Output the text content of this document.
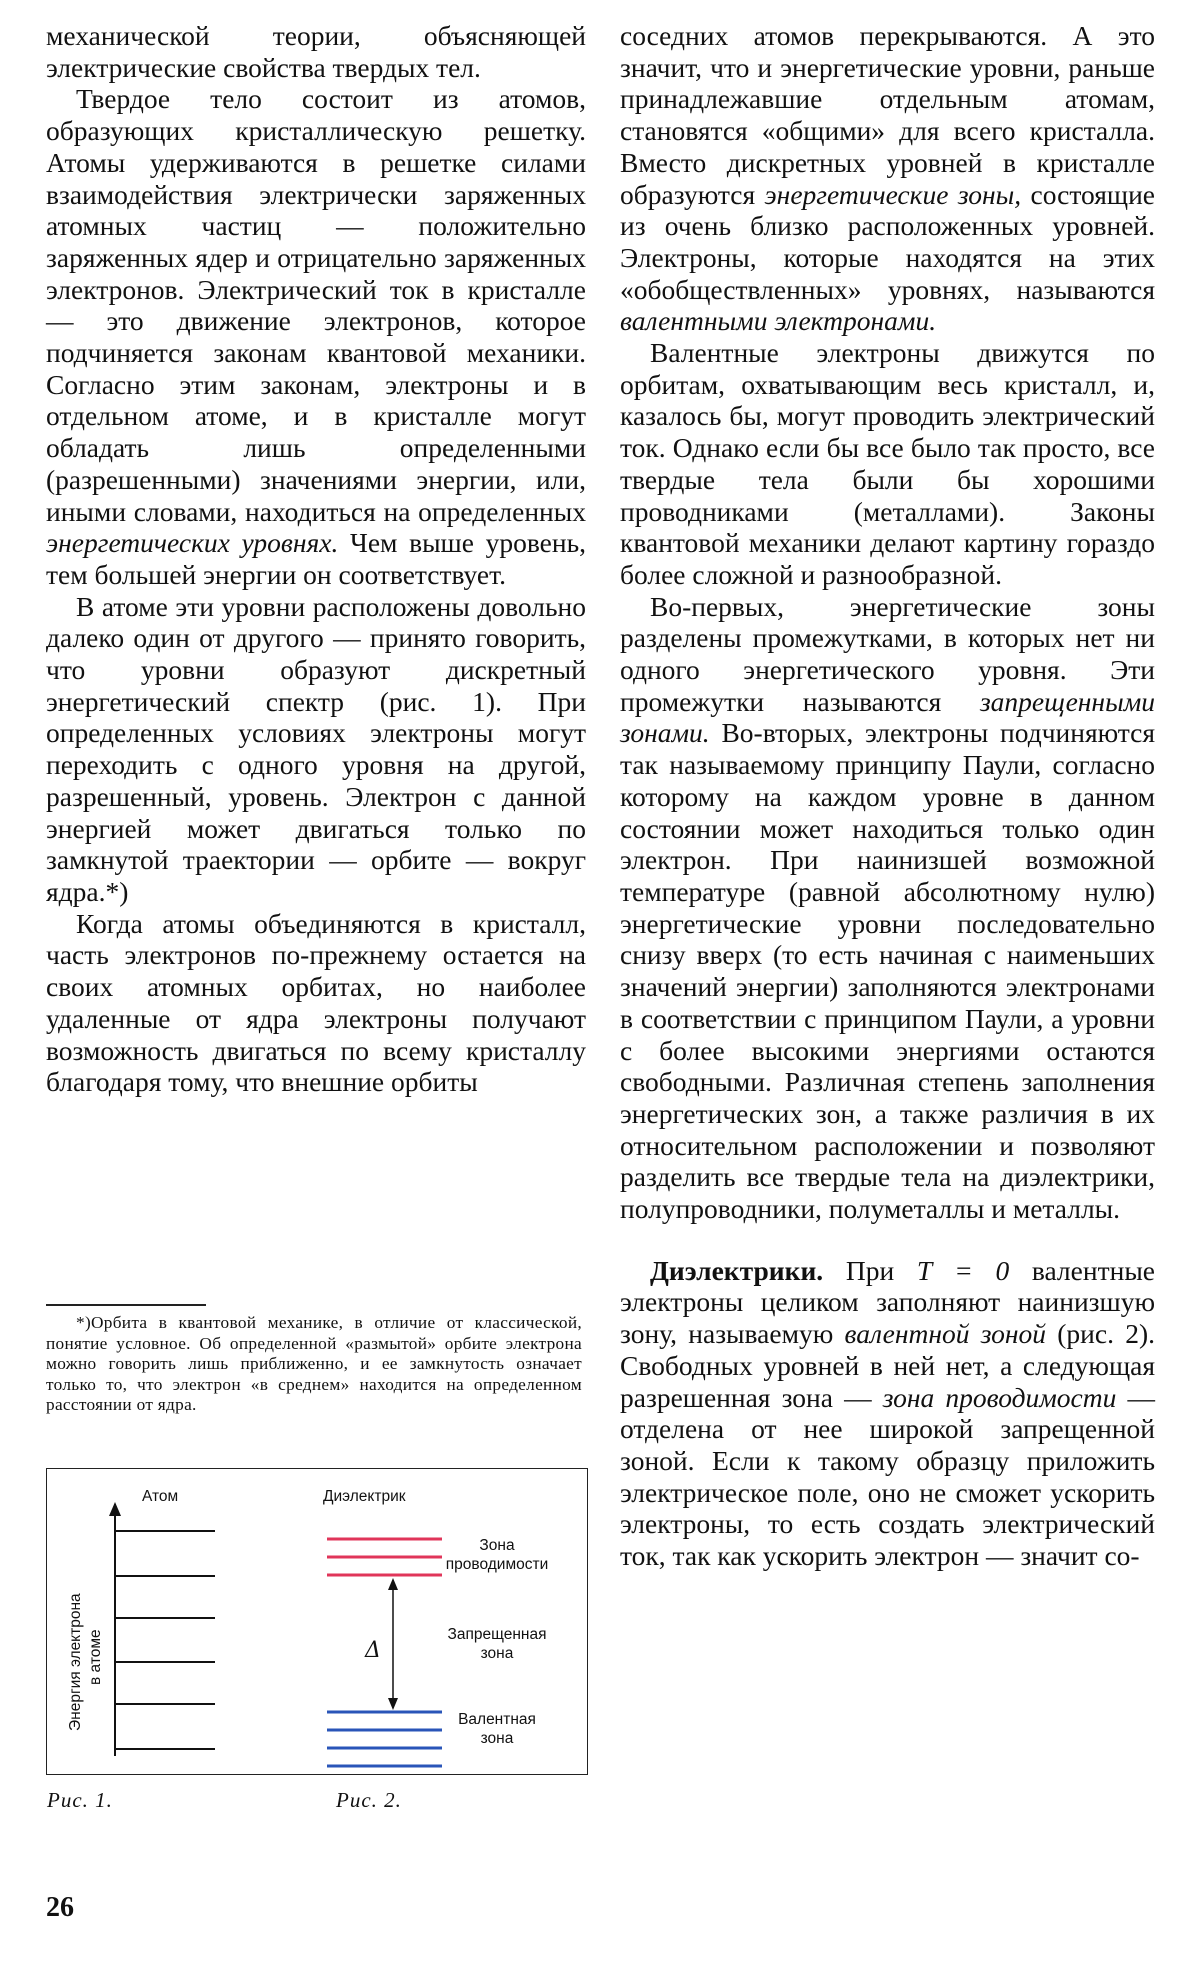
механической теории, объясняющей электрические свойства твердых тел.

Твердое тело состоит из атомов, образующих кристаллическую решетку. Атомы удерживаются в решетке силами взаимодействия электрически заряженных атомных частиц — положительно заряженных ядер и отрицательно заряженных электронов. Электрический ток в кристалле — это движение электронов, которое подчиняется законам квантовой механики. Согласно этим законам, электроны и в отдельном атоме, и в кристалле могут обладать лишь определенными (разрешенными) значениями энергии, или, иными словами, находиться на определенных энергетических уровнях. Чем выше уровень, тем большей энергии он соответствует.

В атоме эти уровни расположены довольно далеко один от другого — принято говорить, что уровни образуют дискретный энергетический спектр (рис. 1). При определенных условиях электроны могут переходить с одного уровня на другой, разрешенный, уровень. Электрон с данной энергией может двигаться только по замкнутой траектории — орбите — вокруг ядра.*)

Когда атомы объединяются в кристалл, часть электронов по-прежнему остается на своих атомных орбитах, но наиболее удаленные от ядра электроны получают возможность двигаться по всему кристаллу благодаря тому, что внешние орбиты

*)Орбита в квантовой механике, в отличие от классической, понятие условное. Об определенной «размытой» орбите электрона можно говорить лишь приближенно, и ее замкнутость означает только то, что электрон «в среднем» находится на определенном расстоянии от ядра.

Атом
Энергия электрона в атоме
Диэлектрик
Δ
Зона
проводимости
Запрещенная
зона
Валентная
зона
Рис. 1.	Рис. 2.

соседних атомов перекрываются. А это значит, что и энергетические уровни, раньше принадлежавшие отдельным атомам, становятся «общими» для всего кристалла. Вместо дискретных уровней в кристалле образуются энергетические зоны, состоящие из очень близко расположенных уровней. Электроны, которые находятся на этих «обобществленных» уровнях, называются валентными электронами.

Валентные электроны движутся по орбитам, охватывающим весь кристалл, и, казалось бы, могут проводить электрический ток. Однако если бы все было так просто, все твердые тела были бы хорошими проводниками (металлами). Законы квантовой механики делают картину гораздо более сложной и разнообразной.

Во-первых, энергетические зоны разделены промежутками, в которых нет ни одного энергетического уровня. Эти промежутки называются запрещенными зонами. Во-вторых, электроны подчиняются так называемому принципу Паули, согласно которому на каждом уровне в данном состоянии может находиться только один электрон. При наинизшей возможной температуре (равной абсолютному нулю) энергетические уровни последовательно снизу вверх (то есть начиная с наименьших значений энергии) заполняются электронами в соответствии с принципом Паули, а уровни с более высокими энергиями остаются свободными. Различная степень заполнения энергетических зон, а также различия в их относительном расположении и позволяют разделить все твердые тела на диэлектрики, полупроводники, полуметаллы и металлы.

Диэлектрики. При T = 0 валентные электроны целиком заполняют наинизшую зону, называемую валентной зоной (рис. 2). Свободных уровней в ней нет, а следующая разрешенная зона — зона проводимости — отделена от нее широкой запрещенной зоной. Если к такому образцу приложить электрическое поле, оно не сможет ускорить электроны, то есть создать электрический ток, так как ускорить электрон — значит со-

26
